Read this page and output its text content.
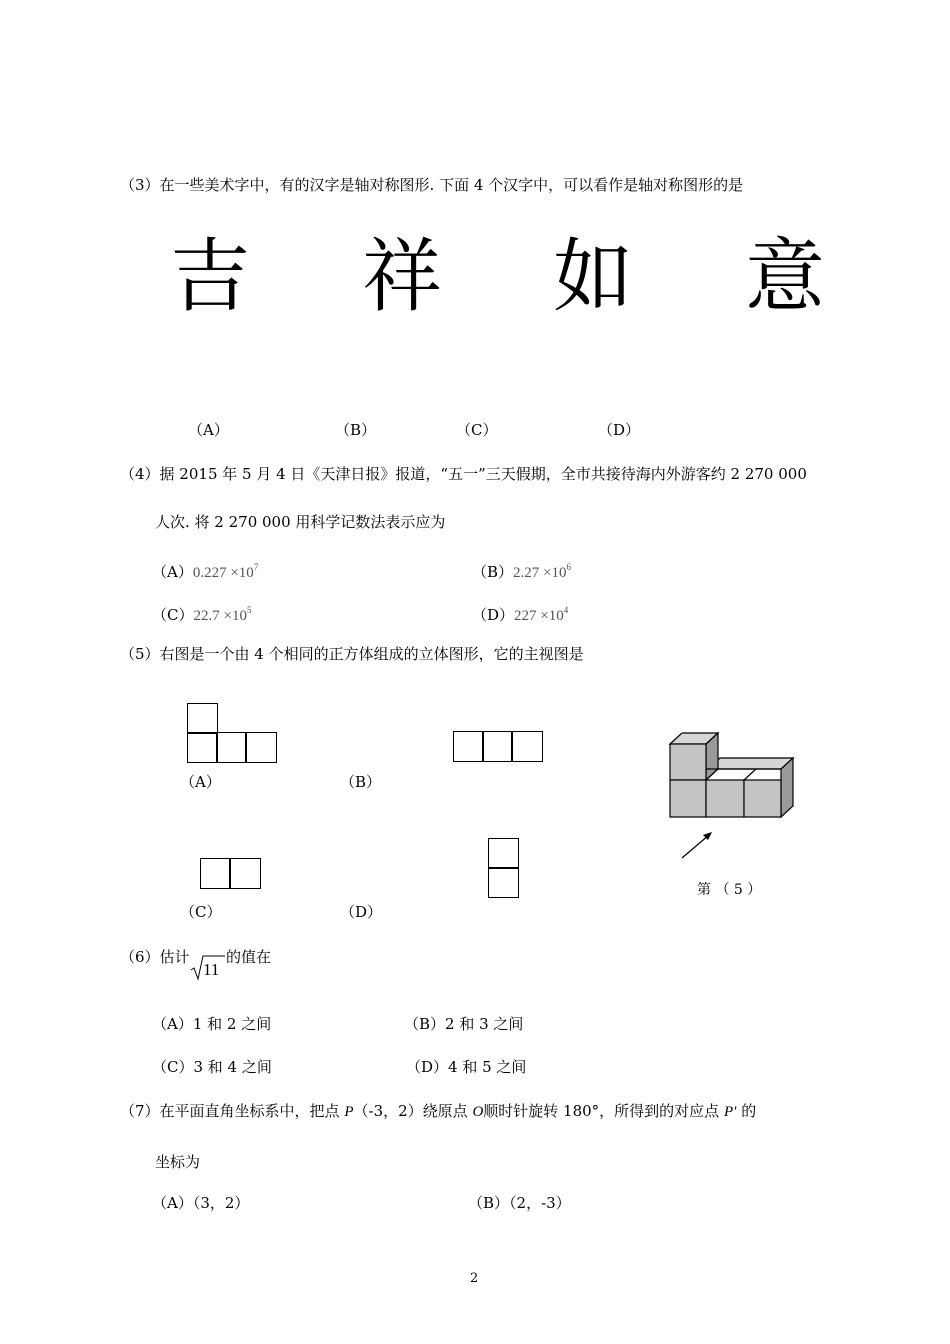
（3）在一些美术字中，有的汉字是轴对称图形. 下面 4 个汉字中，可以看作是轴对称图形的是
吉 祥 如 意
（A）	（B）	（C）	（D）
（4）据 2015 年 5 月 4 日《天津日报》报道，“五一”三天假期，全市共接待海内外游客约 2 270 000
人次. 将 2 270 000 用科学记数法表示应为
$(A)0.227 \times 10^7$	$(B)2.27 \times 10^6$
$(C)22.7 \times 10^5$	$(D)227 \times 10^4$
（5）右图是一个由 4 个相同的正方体组成的立体图形，它的主视图是
（A）	（B）
第 （ 5 ）
（C）	（D）
（6）估计
11
的值在
（A）1 和 2 之间	（B）2 和 3 之间
（C）3 和 4 之间	（D）4 和 5 之间
（7）在平面直角坐标系中，把点 P（-3，2）绕原点 O顺时针旋转 180°，所得到的对应点 P′ 的
坐标为
（A）（3，2）	（B）（2，-3）
2
